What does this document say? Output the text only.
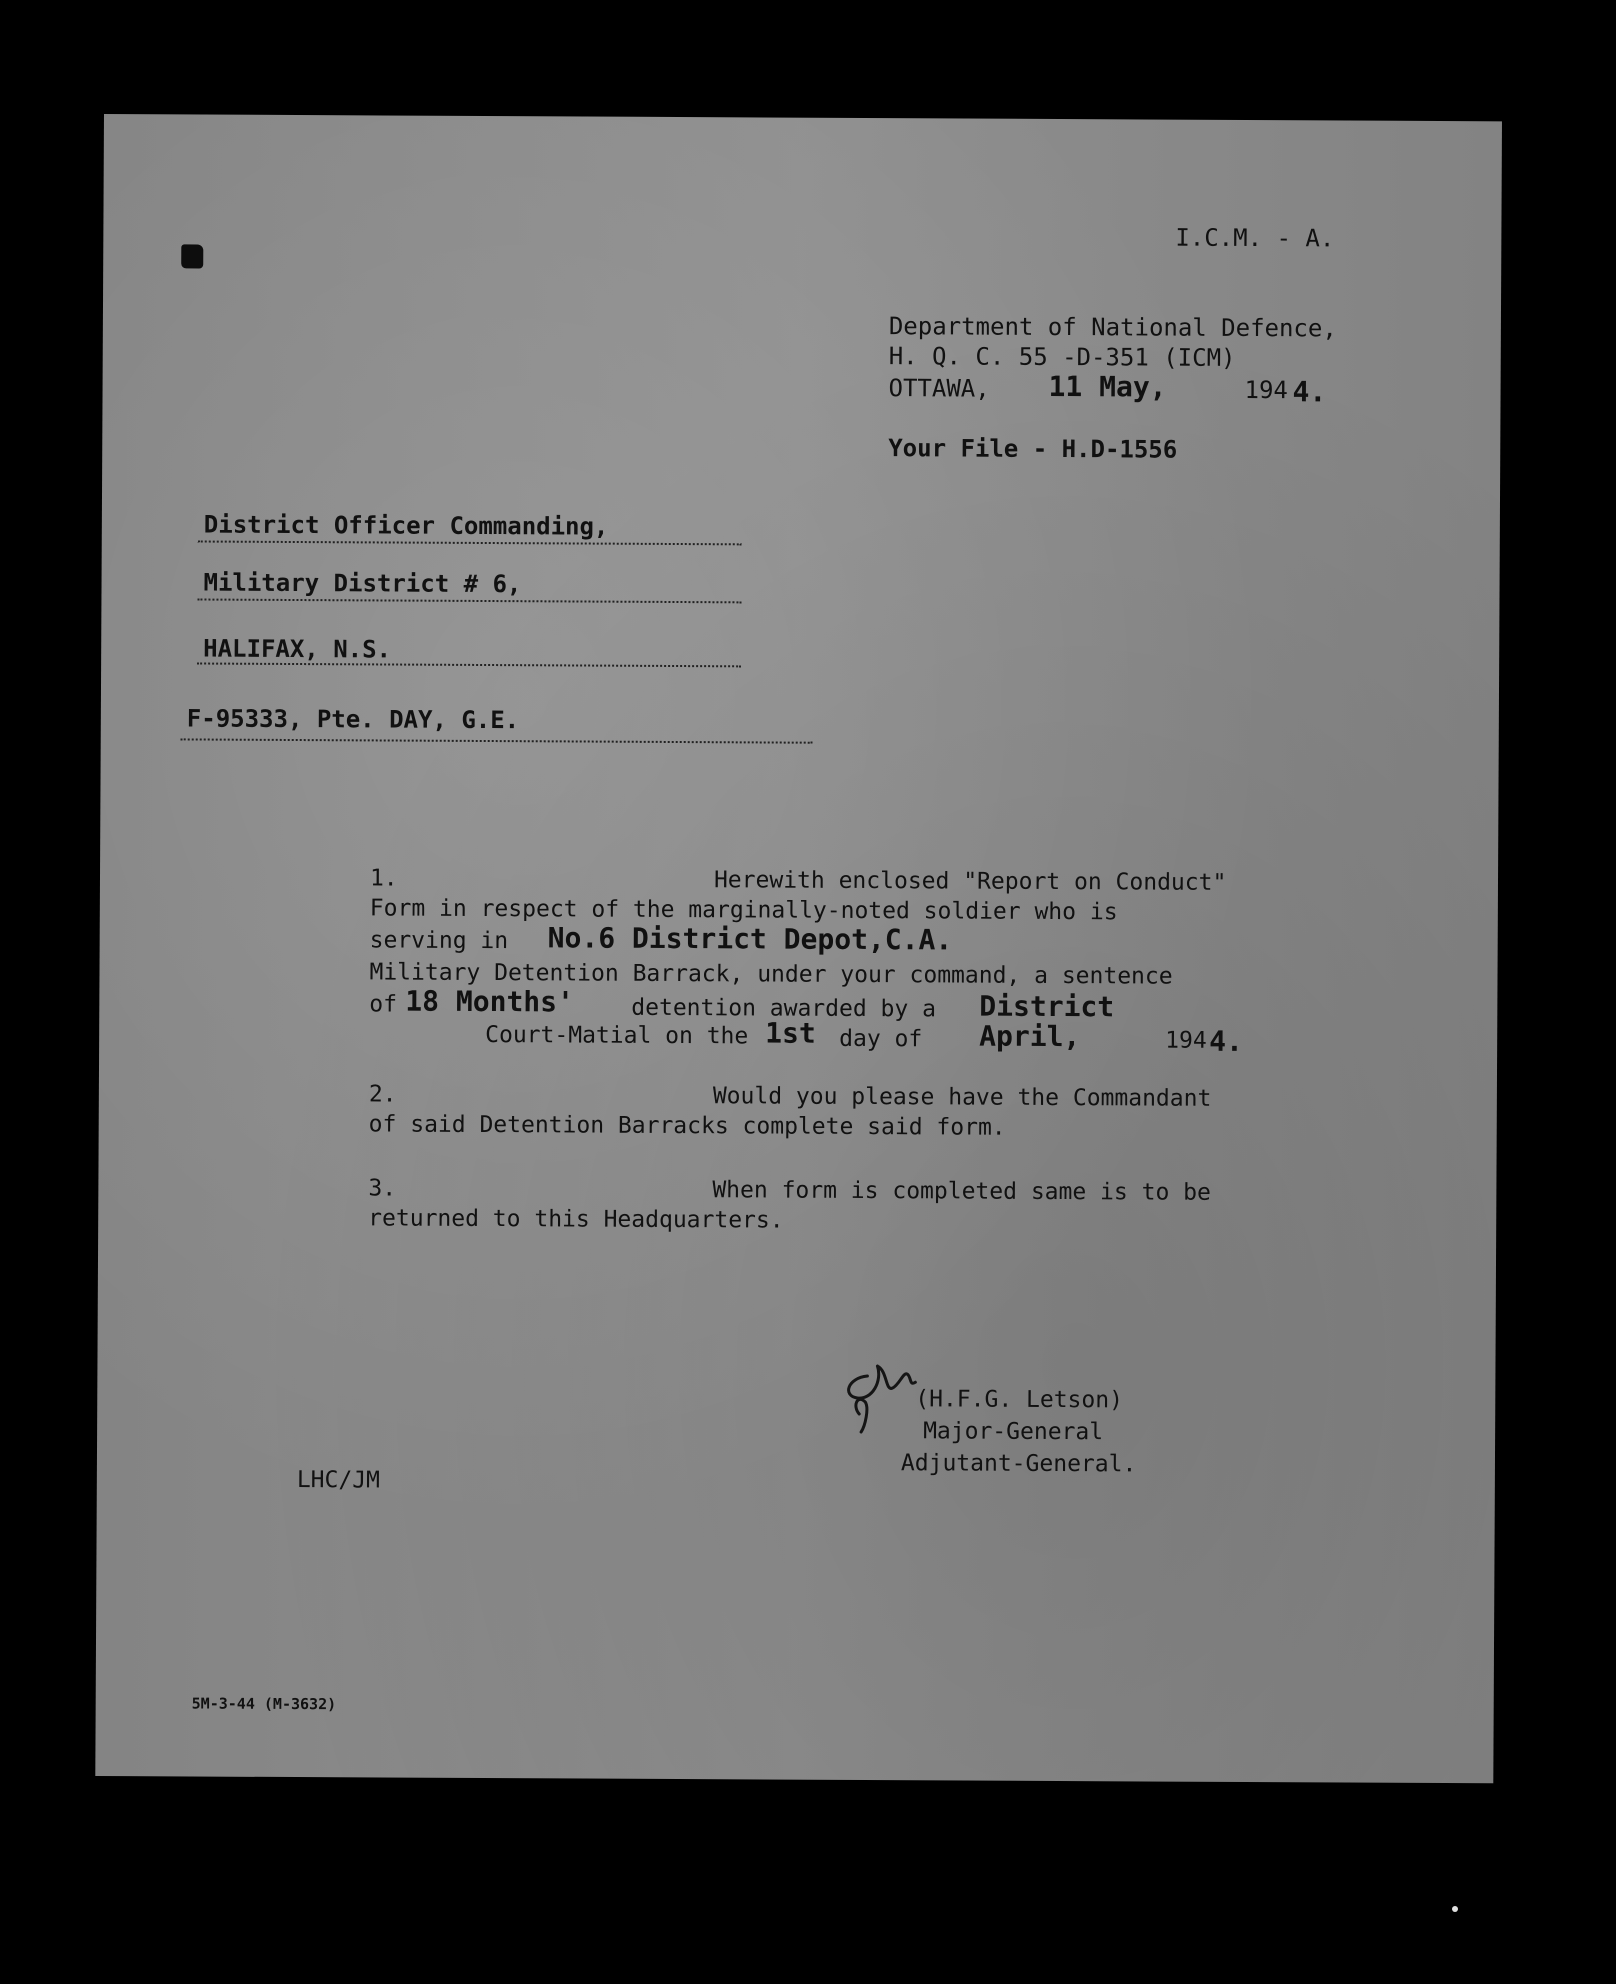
I.C.M. - A.
Department of National Defence,
H. Q. C. 55 -D-351 (ICM)
OTTAWA, 11 May,	194 4.
Your File - H.D-1556
District Officer Commanding,
Military District # 6,
HALIFAX, N.S.
F-95333, Pte. DAY, G.E.
1.	Herewith enclosed "Report on Conduct"
Form in respect of the marginally-noted soldier who is
serving in No.6 District Depot,C.A.
Military Detention Barrack, under your command, a sentence
of 18 Months' detention awarded by a District
Court-Matial on the 1st day of April,	194 4.
2.	Would you please have the Commandant
of said Detention Barracks complete said form.
3.	When form is completed same is to be
returned to this Headquarters.
(H.F.G. Letson)
Major-General
Adjutant-General.
LHC/JM
5M-3-44 (M-3632)
